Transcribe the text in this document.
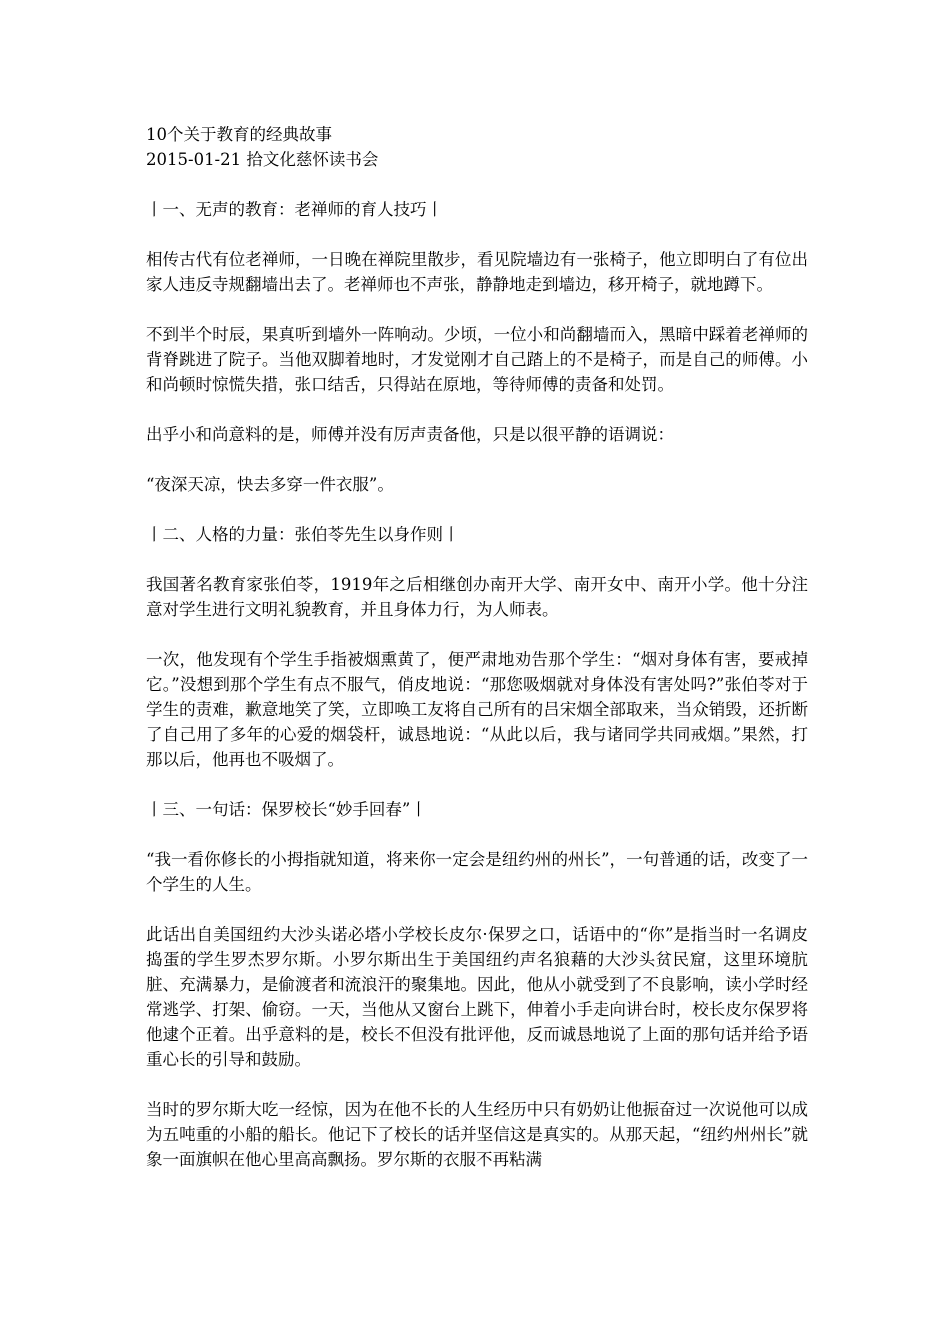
10个关于教育的经典故事

2015-01-21 拾文化慈怀读书会

丨一、无声的教育：老禅师的育人技巧丨

相传古代有位老禅师，一日晚在禅院里散步，看见院墙边有一张椅子，他立即明白了有位出家人违反寺规翻墙出去了。老禅师也不声张，静静地走到墙边，移开椅子，就地蹲下。

不到半个时辰，果真听到墙外一阵响动。少顷，一位小和尚翻墙而入，黑暗中踩着老禅师的背脊跳进了院子。当他双脚着地时，才发觉刚才自己踏上的不是椅子，而是自己的师傅。小和尚顿时惊慌失措，张口结舌，只得站在原地，等待师傅的责备和处罚。

出乎小和尚意料的是，师傅并没有厉声责备他，只是以很平静的语调说：

“夜深天凉，快去多穿一件衣服”。

丨二、人格的力量：张伯苓先生以身作则丨

我国著名教育家张伯苓，1919年之后相继创办南开大学、南开女中、南开小学。他十分注意对学生进行文明礼貌教育，并且身体力行，为人师表。

一次，他发现有个学生手指被烟熏黄了，便严肃地劝告那个学生：“烟对身体有害，要戒掉它。”没想到那个学生有点不服气，俏皮地说：“那您吸烟就对身体没有害处吗?”张伯苓对于学生的责难，歉意地笑了笑，立即唤工友将自己所有的吕宋烟全部取来，当众销毁，还折断了自己用了多年的心爱的烟袋杆，诚恳地说：“从此以后，我与诸同学共同戒烟。”果然，打那以后，他再也不吸烟了。

丨三、一句话：保罗校长“妙手回春”丨

“我一看你修长的小拇指就知道，将来你一定会是纽约州的州长”，一句普通的话，改变了一个学生的人生。

此话出自美国纽约大沙头诺必塔小学校长皮尔·保罗之口，话语中的“你”是指当时一名调皮捣蛋的学生罗杰罗尔斯。小罗尔斯出生于美国纽约声名狼藉的大沙头贫民窟，这里环境肮脏、充满暴力，是偷渡者和流浪汗的聚集地。因此，他从小就受到了不良影响，读小学时经常逃学、打架、偷窃。一天，当他从又窗台上跳下，伸着小手走向讲台时，校长皮尔保罗将他逮个正着。出乎意料的是，校长不但没有批评他，反而诚恳地说了上面的那句话并给予语重心长的引导和鼓励。

当时的罗尔斯大吃一经惊，因为在他不长的人生经历中只有奶奶让他振奋过一次说他可以成为五吨重的小船的船长。他记下了校长的话并坚信这是真实的。从那天起，“纽约州州长”就象一面旗帜在他心里高高飘扬。罗尔斯的衣服不再粘满
